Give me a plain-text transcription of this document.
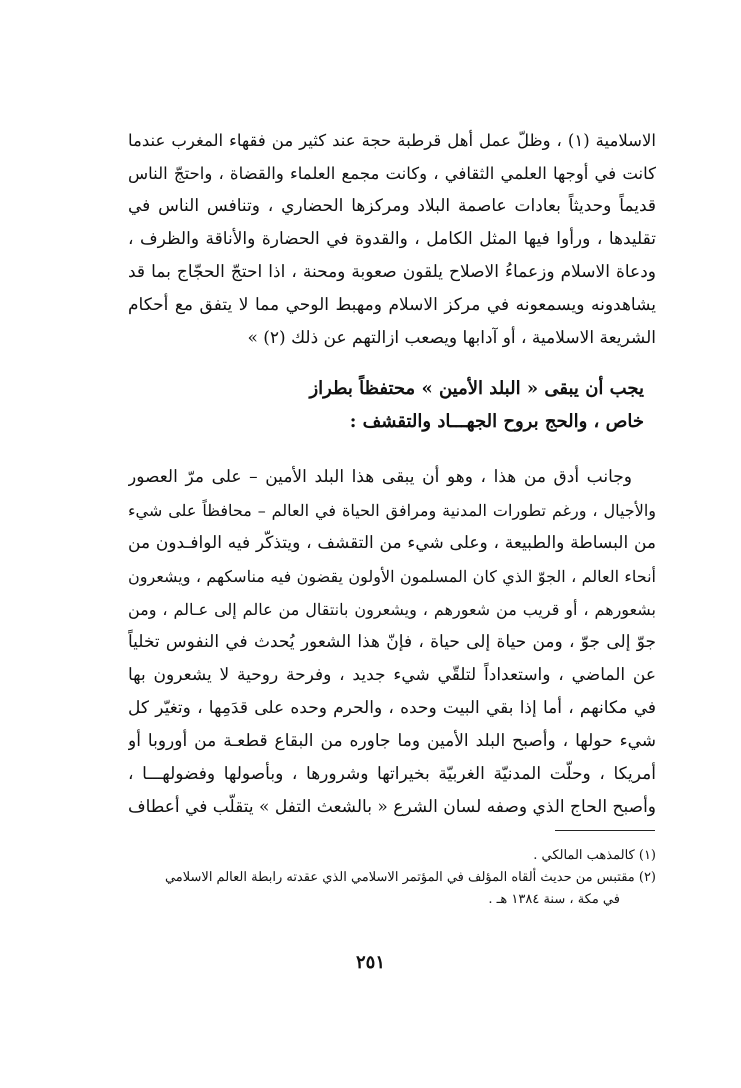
الاسلامية (١) ، وظلّ عمل أهل قرطبة حجة عند كثير من فقهاء المغرب عندما
كانت في أوجها العلمي الثقافي ، وكانت مجمع العلماء والقضاة ، واحتجّ الناس
قديماً وحديثاً بعادات عاصمة البلاد ومركزها الحضاري ، وتنافس الناس في
تقليدها ، ورأوا فيها المثل الكامل ، والقدوة في الحضارة والأناقة والظرف ،
ودعاة الاسلام وزعماءُ الاصلاح يلقون صعوبة ومحنة ، اذا احتجّ الحجّاج بما قد
يشاهدونه ويسمعونه في مركز الاسلام ومهبط الوحي مما لا يتفق مع أحكام
الشريعة الاسلامية ، أو آدابها ويصعب ازالتهم عن ذلك (٢) »
يجب أن يبقى « البلد الأمين » محتفظاً بطراز
خاص ، والحج بروح الجهـــاد والتقشف :
وجانب أدق من هذا ، وهو أن يبقى هذا البلد الأمين – على مرّ العصور
والأجيال ، ورغم تطورات المدنية ومرافق الحياة في العالم – محافظاً على شيء
من البساطة والطبيعة ، وعلى شيء من التقشف ، ويتذكّر فيه الوافـدون من
أنحاء العالم ، الجوّ الذي كان المسلمون الأولون يقضون فيه مناسكهم ، ويشعرون
بشعورهم ، أو قريب من شعورهم ، ويشعرون بانتقال من عالم إلى عـالم ، ومن
جوّ إلى جوّ ، ومن حياة إلى حياة ، فإنّ هذا الشعور يُحدث في النفوس تخلياً
عن الماضي ، واستعداداً لتلقّي شيء جديد ، وفرحة روحية لا يشعرون بها
في مكانهم ، أما إذا بقي البيت وحده ، والحرم وحده على قدَمِها ، وتغيّر كل
شيء حولها ، وأصبح البلد الأمين وما جاوره من البقاع قطعـة من أوروبا أو
أمريكا ، وحلّت المدنيّة الغربيّة بخيراتها وشرورها ، وبأصولها وفضولهـــا ،
وأصبح الحاج الذي وصفه لسان الشرع « بالشعث التفل » يتقلّب في أعطاف
(١) كالمذهب المالكي .
(٢) مقتبس من حديث ألقاه المؤلف في المؤتمر الاسلامي الذي عقدته رابطة العالم الاسلامي
في مكة ، سنة ١٣٨٤ هـ .
٢٥١
